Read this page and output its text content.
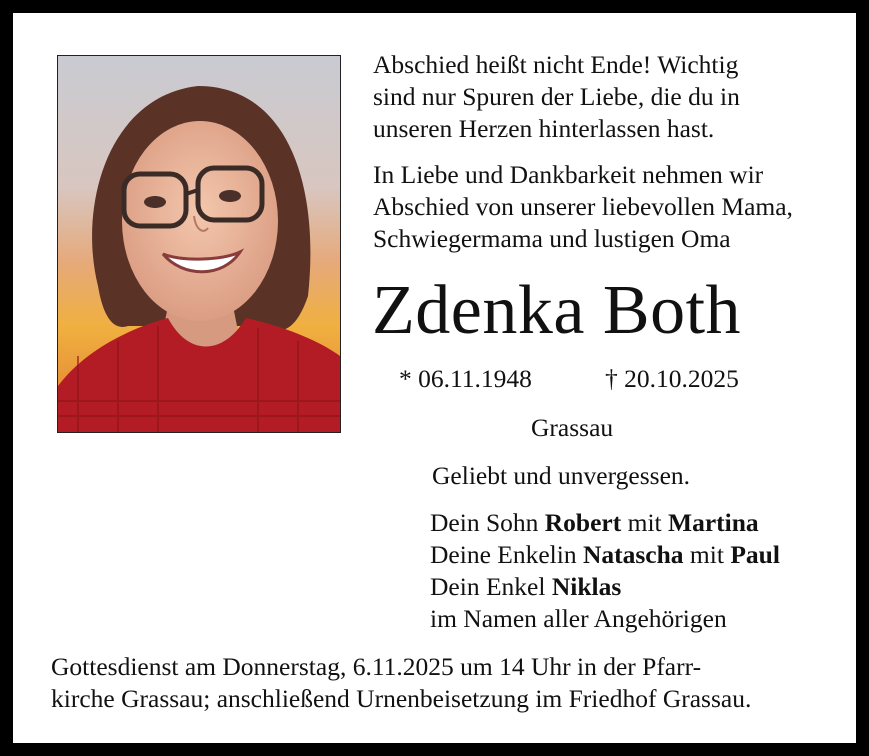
Abschied heißt nicht Ende! Wichtig
sind nur Spuren der Liebe, die du in
unseren Herzen hinterlassen hast.
In Liebe und Dankbarkeit nehmen wir
Abschied von unserer liebevollen Mama,
Schwiegermama und lustigen Oma
Zdenka Both
* 06.11.1948	† 20.10.2025
Grassau
Geliebt und unvergessen.
Dein Sohn Robert mit Martina
Deine Enkelin Natascha mit Paul
Dein Enkel Niklas
im Namen aller Angehörigen
Gottesdienst am Donnerstag, 6.11.2025 um 14 Uhr in der Pfarr-
kirche Grassau; anschließend Urnenbeisetzung im Friedhof Grassau.
